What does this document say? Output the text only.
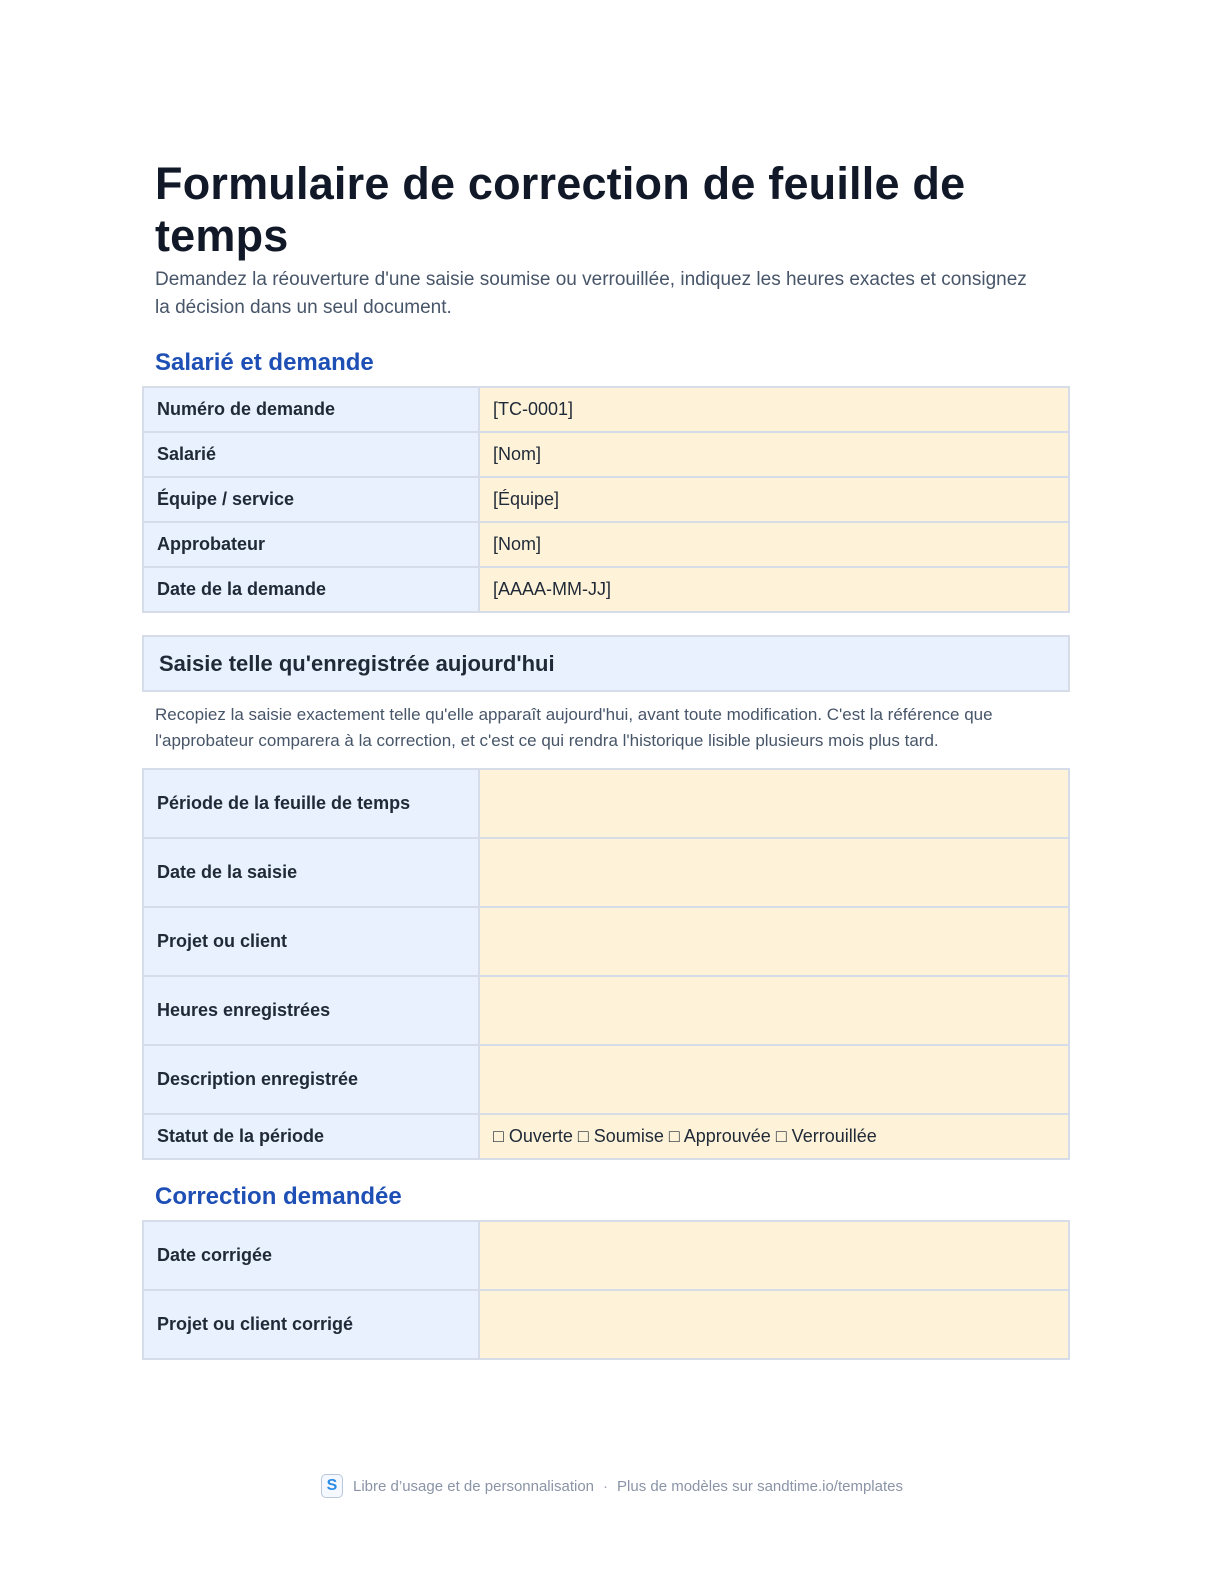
Formulaire de correction de feuille de temps

Demandez la réouverture d'une saisie soumise ou verrouillée, indiquez les heures exactes et consignez la décision dans un seul document.

Salarié et demande
Numéro de demande	[TC-0001]
Salarié	[Nom]
Équipe / service	[Équipe]
Approbateur	[Nom]
Date de la demande	[AAAA-MM-JJ]
Saisie telle qu'enregistrée aujourd'hui

Recopiez la saisie exactement telle qu'elle apparaît aujourd'hui, avant toute modification. C'est la référence que l'approbateur comparera à la correction, et c'est ce qui rendra l'historique lisible plusieurs mois plus tard.

Période de la feuille de temps	
Date de la saisie	
Projet ou client	
Heures enregistrées	
Description enregistrée	
Statut de la période	□ Ouverte □ Soumise □ Approuvée □ Verrouillée
Correction demandée
Date corrigée	
Projet ou client corrigé	
S	Libre d’usage et de personnalisation · Plus de modèles sur sandtime.io/templates
